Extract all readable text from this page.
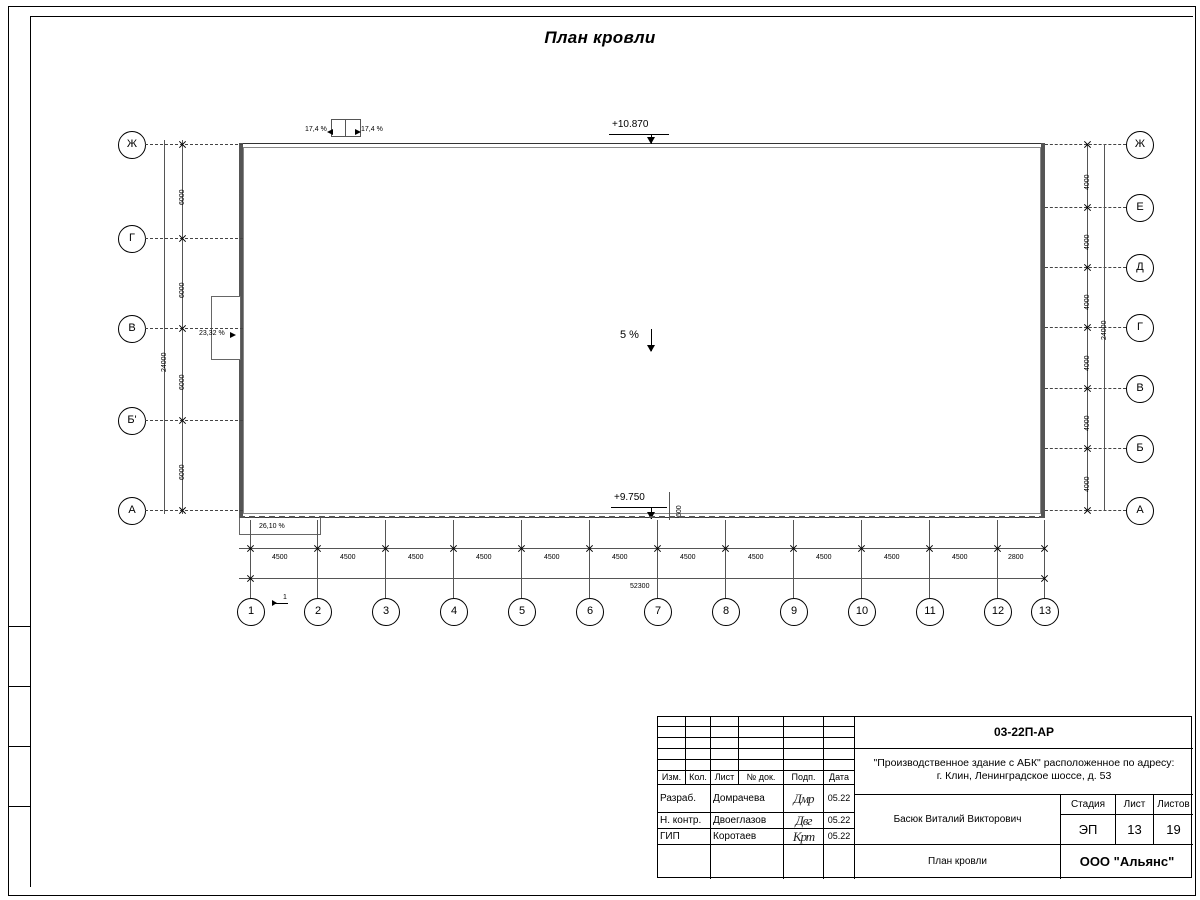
План кровли
17,4 %	17,4 %	+10.870
5 %
+9.750
600
23,32 %
26,10 %
Ж
Г
В
Б'
А
6000
6000
6000
6000
24000
Ж
Е
Д
Г
В
Б
А
4000
4000
4000
4000
4000
4000
24000
1	2	3	4	5	6	7	8	9	10	11	12	13
4500	4500	4500	4500	4500	4500	4500	4500	4500	4500	4500	2800
52300
1
Изм. Кол. Лист	№ док.	Подп.	Дата
Разраб.	Домрачева	Дмр	05.22
Н. контр.	Двоеглазов	Двг	05.22
ГИП	Коротаев	Крт	05.22
03-22П-АР
"Производственное здание с АБК" расположенное по адресу:
г. Клин, Ленинградское шоссе, д. 53
Басюк Виталий Викторович
План кровли
Стадия	Лист	Листов
ЭП	13	19
ООО "Альянс"
